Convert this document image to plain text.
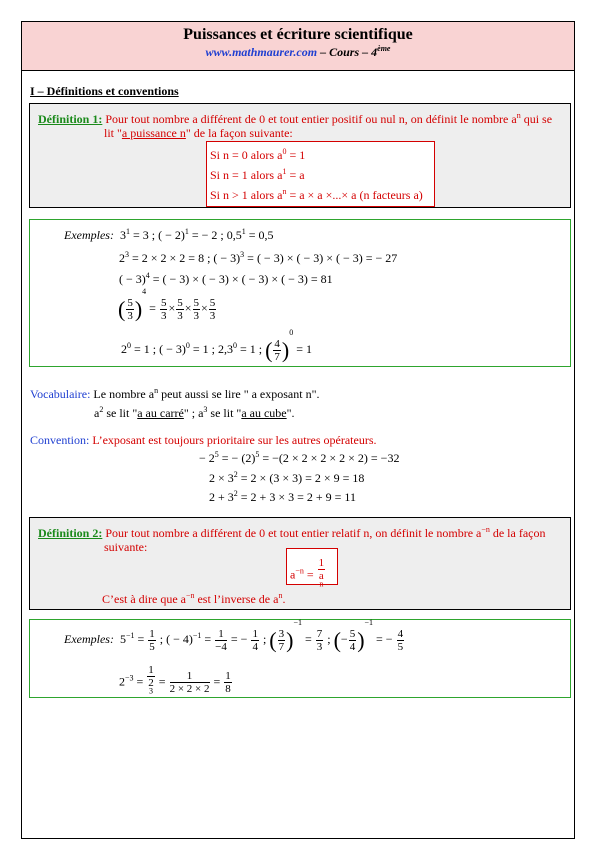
Puissances et écriture scientifique
www.mathmaurer.com – Cours – 4ème
I – Définitions et conventions
Définition 1: Pour tout nombre a différent de 0 et tout entier positif ou nul n, on définit le nombre $a^n$ qui se
lit "a puissance n" de la façon suivante:
Si n = 0 alors $a^0 = 1$
Si n = 1 alors $a^1 = a$
Si n > 1 alors $a^n = a \times a$ ×...× a (n facteurs a)
Exemples: $3^1 = 3$ ; ( − 2)$^1$ = − 2 ; $0,5^1 = 0,5$
$2^3 = 2 \times 2 \times 2 = 8$ ; ( − 3)$^3$ = ( − 3) × ( − 3) × ( − 3) = − 27
( − 3)$^4$ = ( − 3) × ( − 3) × ( − 3) × ( − 3) = 81
( $\frac{5}{3} )^4 = \frac{5}{3} \times \frac{5}{3} \times \frac{5}{3} \times \frac{5}{3}$
$2^0 = 1$ ; ( − 3)$^0$ = 1 ; $2,3^0 = 1$ ; ( $\frac{4}{7} )^0 = 1$
Vocabulaire: Le nombre $a^n$ peut aussi se lire " a exposant n".
$a^2$ se lit "a au carré" ; $a^3$ se lit "a au cube".
Convention: L’exposant est toujours prioritaire sur les autres opérateurs.
− $2^5$ = − $(2)^5 = -(2 \times 2 \times 2 \times 2 \times 2) = -32$
$2 \times 3^2 = 2 \times (3 \times 3) = 2 \times 9 = 18$
$2 + 3^2 = 2 + 3 \times 3 = 2 + 9 = 11$
Définition 2: Pour tout nombre a différent de 0 et tout entier relatif n, on définit le nombre $a^{-n}$ de la façon
suivante:
$a^{-n} = 1$
a
$^n$
C’est à dire que $a^{-n}$ est l’inverse de $a^n$.
Exemples: $5^{-1} = \frac{1}{5}$ ; ( − $4)^{-1} = \frac{1}{-4}$ = − $\frac{1}{4}$ ; ( $\frac{3}{7} )^{-1} = \frac{7}{3}$ ; (− $\frac{5}{4} )^{-1}$ = − $\frac{4}{5}$
$2^{-3} = 1$
2
$^3 = \frac{1}{2 \times 2 \times 2} = \frac{1}{8}$
